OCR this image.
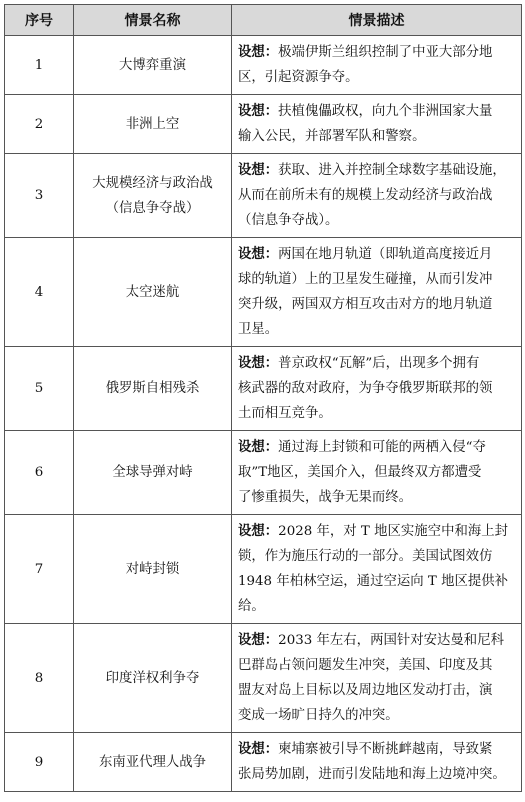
序号	情景名称	情景描述
1	大博弈重演	设想：极端伊斯兰组织控制了中亚大部分地
区，引起资源争夺。

2	非洲上空	设想：扶植傀儡政权，向九个非洲国家大量
输入公民，并部署军队和警察。

3	大规模经济与政治战
（信息争夺战）	设想：获取、进入并控制全球数字基础设施，
从而在前所未有的规模上发动经济与政治战
（信息争夺战）。

4	太空迷航	设想：两国在地月轨道（即轨道高度接近月
球的轨道）上的卫星发生碰撞，从而引发冲
突升级，两国双方相互攻击对方的地月轨道
卫星。

5	俄罗斯自相残杀	设想：普京政权“瓦解”后，出现多个拥有
核武器的敌对政府，为争夺俄罗斯联邦的领
土而相互竞争。

6	全球导弹对峙	设想：通过海上封锁和可能的两栖入侵“夺
取”T地区，美国介入，但最终双方都遭受
了惨重损失，战争无果而终。

7	对峙封锁	设想：2028 年，对 T 地区实施空中和海上封
锁，作为施压行动的一部分。美国试图效仿
1948 年柏林空运，通过空运向 T 地区提供补
给。

8	印度洋权利争夺	设想：2033 年左右，两国针对安达曼和尼科
巴群岛占领问题发生冲突，美国、印度及其
盟友对岛上目标以及周边地区发动打击，演
变成一场旷日持久的冲突。

9	东南亚代理人战争	设想：柬埔寨被引导不断挑衅越南，导致紧
张局势加剧，进而引发陆地和海上边境冲突。
